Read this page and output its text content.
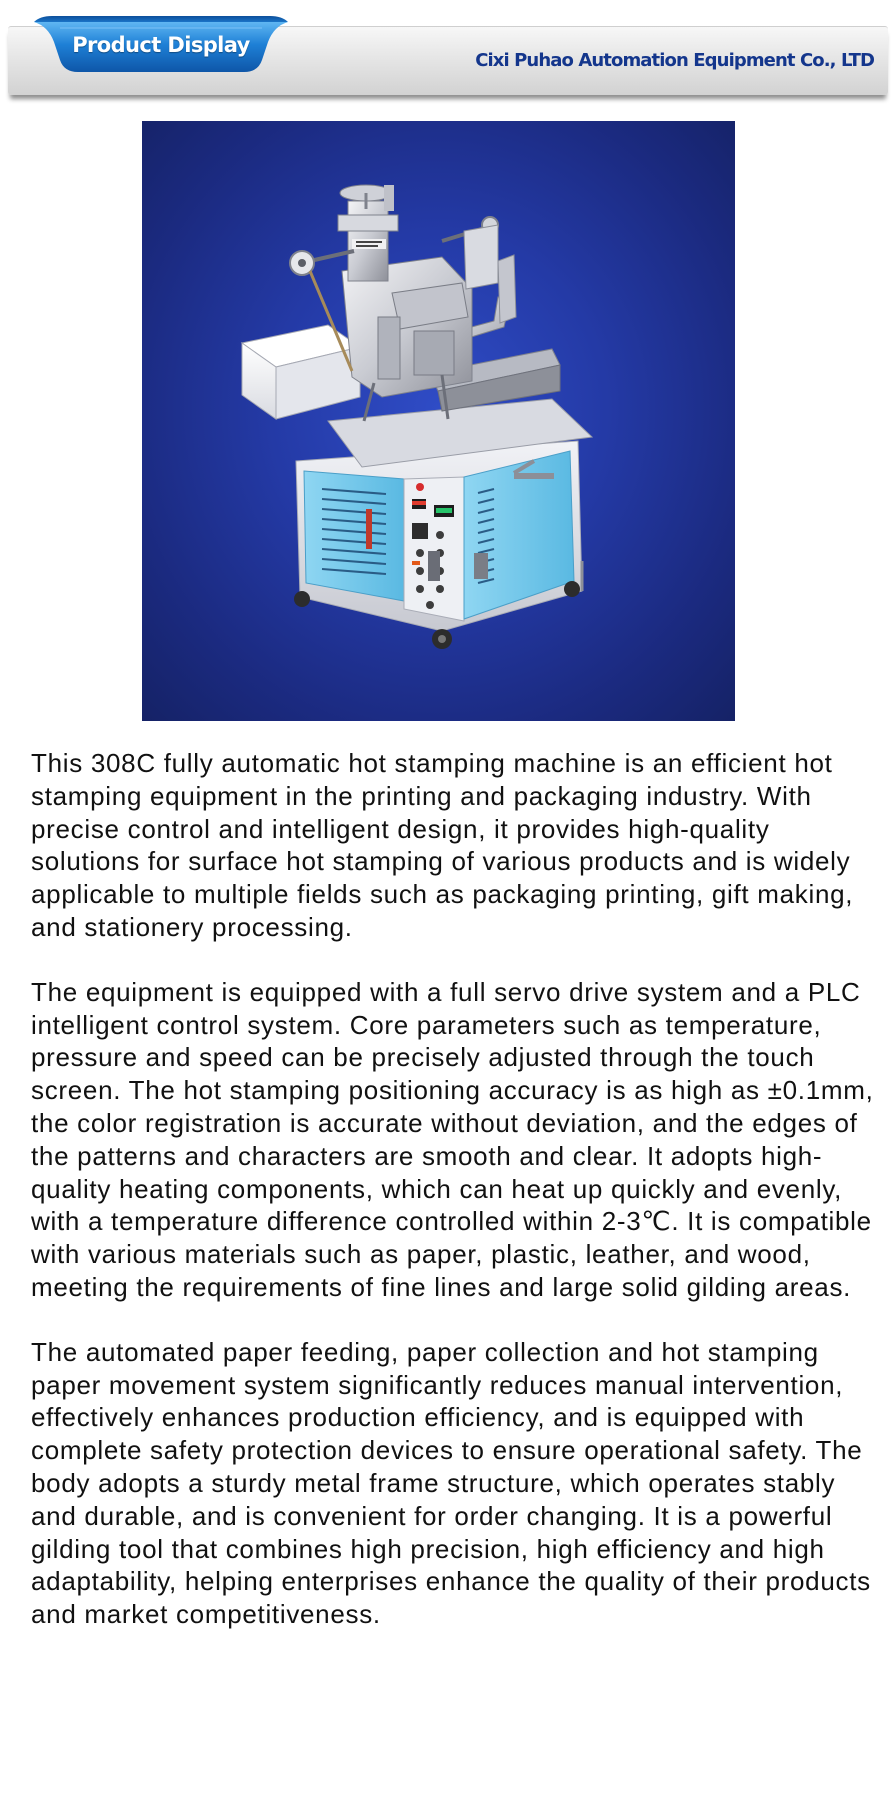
Product Display
Cixi Puhao Automation Equipment Co., LTD

This 308C fully automatic hot stamping machine is an efficient hot stamping equipment in the printing and packaging industry. With precise control and intelligent design, it provides high-quality solutions for surface hot stamping of various products and is widely applicable to multiple fields such as packaging printing, gift making, and stationery processing.

The equipment is equipped with a full servo drive system and a PLC intelligent control system. Core parameters such as temperature, pressure and speed can be precisely adjusted through the touch screen. The hot stamping positioning accuracy is as high as ±0.1mm, the color registration is accurate without deviation, and the edges of the patterns and characters are smooth and clear. It adopts high-quality heating components, which can heat up quickly and evenly, with a temperature difference controlled within 2-3℃. It is compatible with various materials such as paper, plastic, leather, and wood, meeting the requirements of fine lines and large solid gilding areas.

The automated paper feeding, paper collection and hot stamping paper movement system significantly reduces manual intervention, effectively enhances production efficiency, and is equipped with complete safety protection devices to ensure operational safety. The body adopts a sturdy metal frame structure, which operates stably and durable, and is convenient for order changing. It is a powerful gilding tool that combines high precision, high efficiency and high adaptability, helping enterprises enhance the quality of their products and market competitiveness.
